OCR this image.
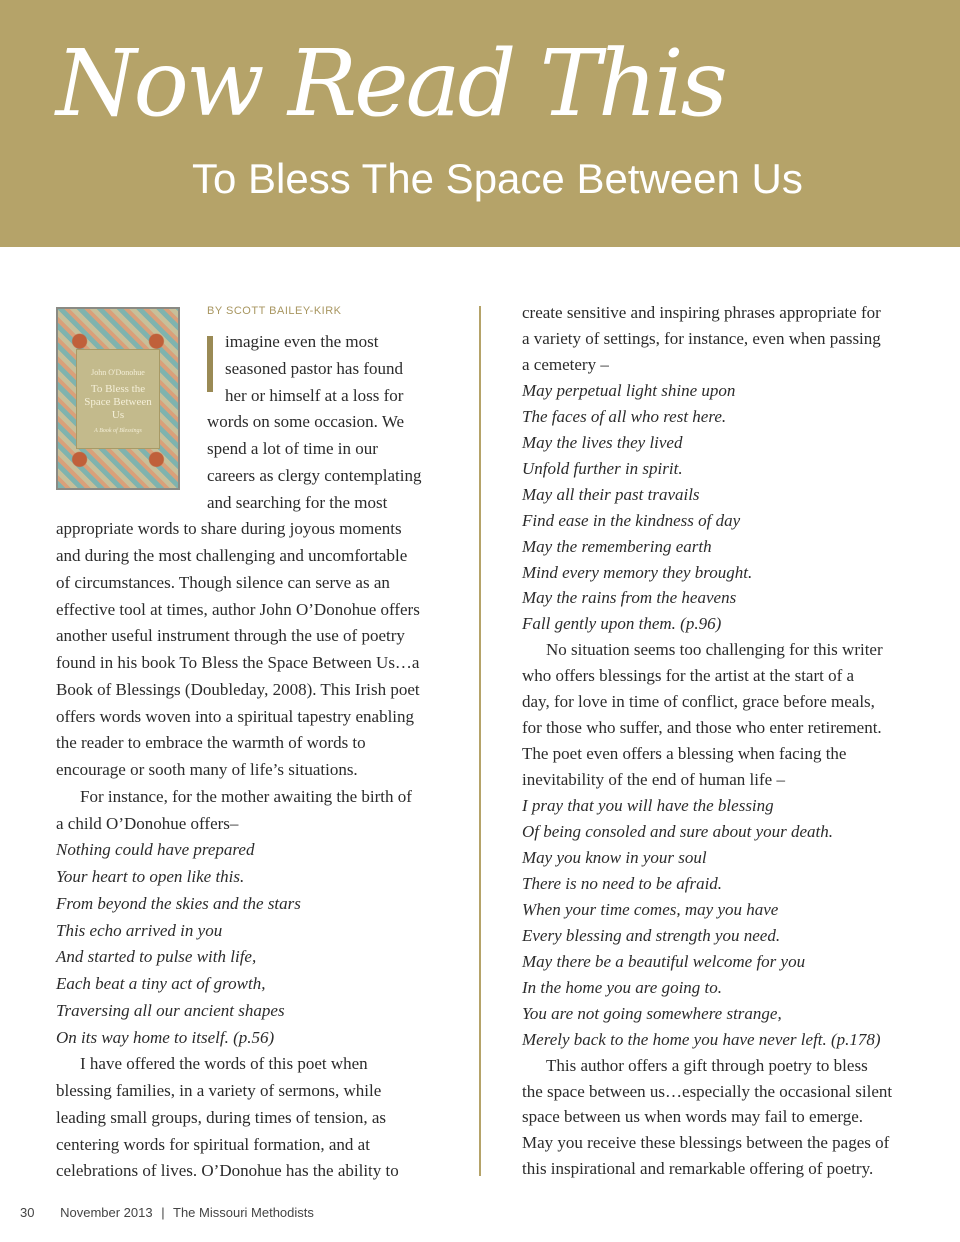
Now Read This
To Bless The Space Between Us
John O'Donohue
To Bless the Space Between Us
A Book of Blessings

BY SCOTT BAILEY-KIRK

imagine even the most

seasoned pastor has found

her or himself at a loss for

words on some occasion. We

spend a lot of time in our

careers as clergy contemplating

and searching for the most

appropriate words to share during joyous moments

and during the most challenging and uncomfortable

of circumstances. Though silence can serve as an

effective tool at times, author John O’Donohue offers

another useful instrument through the use of poetry

found in his book To Bless the Space Between Us…a

Book of Blessings (Doubleday, 2008). This Irish poet

offers words woven into a spiritual tapestry enabling

the reader to embrace the warmth of words to

encourage or sooth many of life’s situations.

For instance, for the mother awaiting the birth of

a child O’Donohue offers–

Nothing could have prepared

Your heart to open like this.

From beyond the skies and the stars

This echo arrived in you

And started to pulse with life,

Each beat a tiny act of growth,

Traversing all our ancient shapes

On its way home to itself. (p.56)

I have offered the words of this poet when

blessing families, in a variety of sermons, while

leading small groups, during times of tension, as

centering words for spiritual formation, and at

celebrations of lives. O’Donohue has the ability to

create sensitive and inspiring phrases appropriate for

a variety of settings, for instance, even when passing

a cemetery –

May perpetual light shine upon

The faces of all who rest here.

May the lives they lived

Unfold further in spirit.

May all their past travails

Find ease in the kindness of day

May the remembering earth

Mind every memory they brought.

May the rains from the heavens

Fall gently upon them. (p.96)

No situation seems too challenging for this writer

who offers blessings for the artist at the start of a

day, for love in time of conflict, grace before meals,

for those who suffer, and those who enter retirement.

The poet even offers a blessing when facing the

inevitability of the end of human life –

I pray that you will have the blessing

Of being consoled and sure about your death.

May you know in your soul

There is no need to be afraid.

When your time comes, may you have

Every blessing and strength you need.

May there be a beautiful welcome for you

In the home you are going to.

You are not going somewhere strange,

Merely back to the home you have never left. (p.178)

This author offers a gift through poetry to bless

the space between us…especially the occasional silent

space between us when words may fail to emerge.

May you receive these blessings between the pages of

this inspirational and remarkable offering of poetry.

30 November 2013 | The Missouri Methodists
